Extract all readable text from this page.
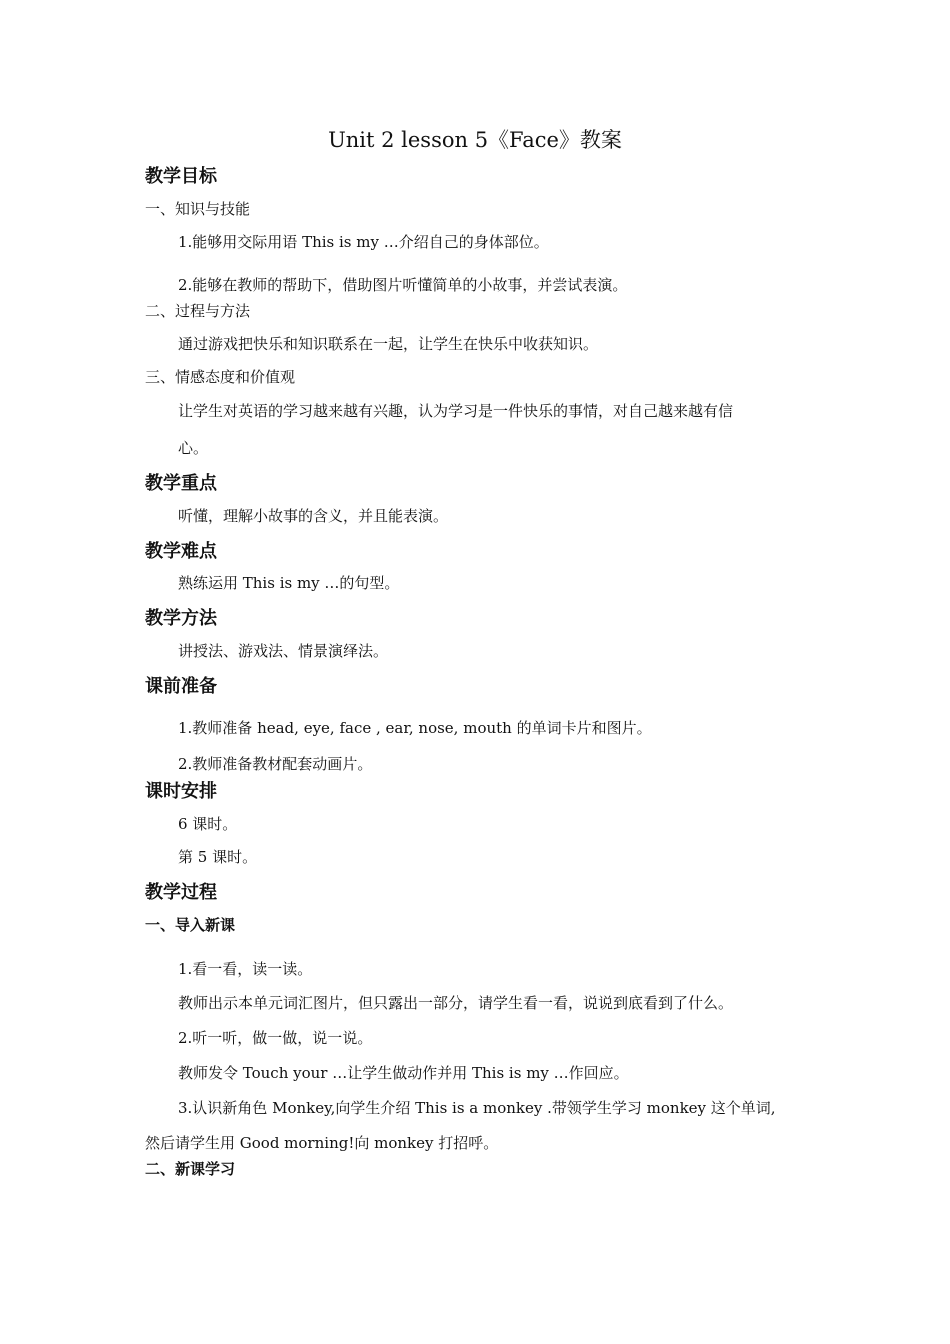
Unit 2 lesson 5《Face》教案
教学目标
一、知识与技能
1.能够用交际用语 This is my …介绍自己的身体部位。
2.能够在教师的帮助下，借助图片听懂简单的小故事，并尝试表演。
二、过程与方法
通过游戏把快乐和知识联系在一起，让学生在快乐中收获知识。
三、情感态度和价值观
让学生对英语的学习越来越有兴趣，认为学习是一件快乐的事情，对自己越来越有信
心。
教学重点
听懂，理解小故事的含义，并且能表演。
教学难点
熟练运用 This is my …的句型。
教学方法
讲授法、游戏法、情景演绎法。
课前准备
1.教师准备 head, eye, face , ear, nose, mouth 的单词卡片和图片。
2.教师准备教材配套动画片。
课时安排
6 课时。
第 5 课时。
教学过程
一、导入新课
1.看一看，读一读。
教师出示本单元词汇图片，但只露出一部分，请学生看一看，说说到底看到了什么。
2.听一听，做一做，说一说。
教师发令 Touch your …让学生做动作并用 This is my …作回应。
3.认识新角色 Monkey,向学生介绍 This is a monkey .带领学生学习 monkey 这个单词,
然后请学生用 Good morning!向 monkey 打招呼。
二、新课学习
